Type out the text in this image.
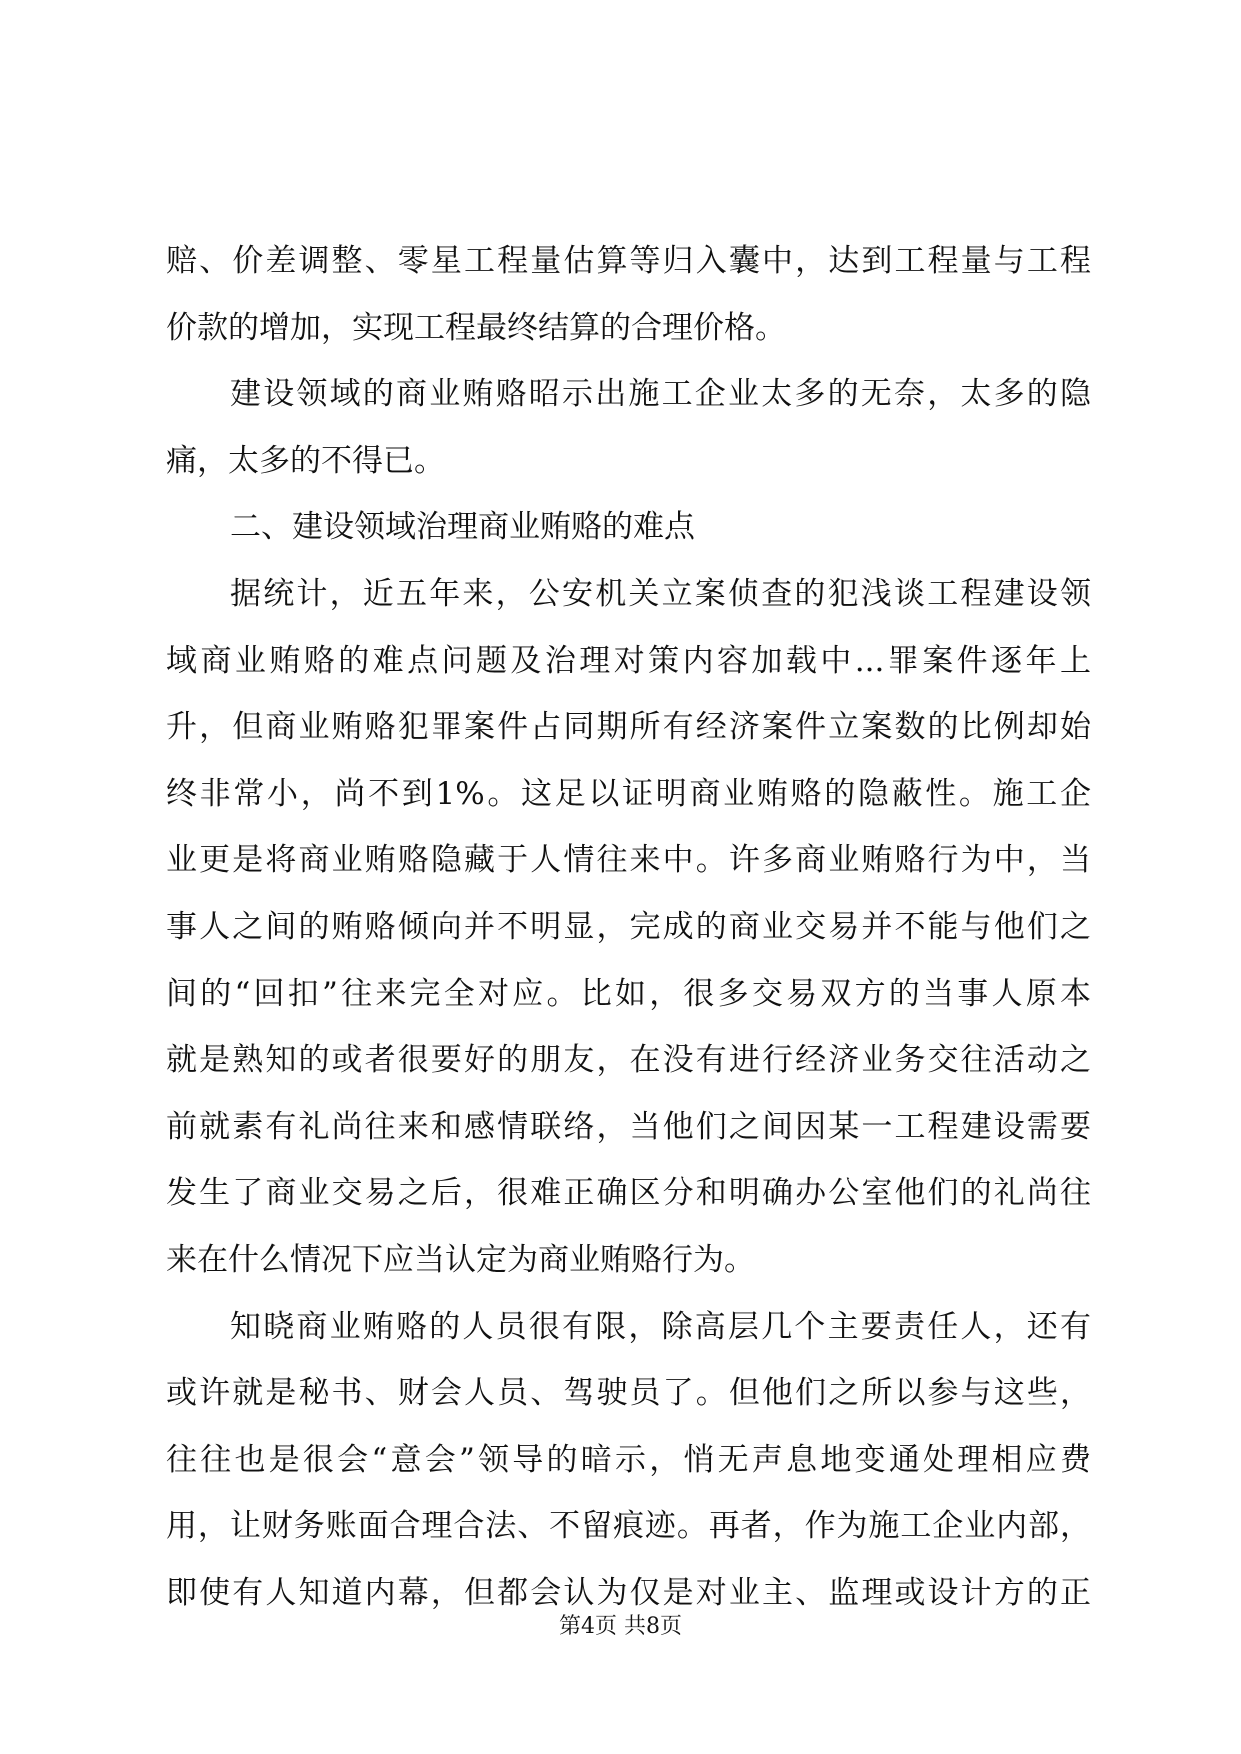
赔、价差调整、零星工程量估算等归入囊中，达到工程量与工程
价款的增加，实现工程最终结算的合理价格。
建设领域的商业贿赂昭示出施工企业太多的无奈，太多的隐
痛，太多的不得已。
二、建设领域治理商业贿赂的难点
据统计，近五年来，公安机关立案侦查的犯浅谈工程建设领
域商业贿赂的难点问题及治理对策内容加载中...罪案件逐年上
升，但商业贿赂犯罪案件占同期所有经济案件立案数的比例却始
终非常小，尚不到1%。这足以证明商业贿赂的隐蔽性。施工企
业更是将商业贿赂隐藏于人情往来中。许多商业贿赂行为中，当
事人之间的贿赂倾向并不明显，完成的商业交易并不能与他们之
间的“回扣”往来完全对应。比如，很多交易双方的当事人原本
就是熟知的或者很要好的朋友，在没有进行经济业务交往活动之
前就素有礼尚往来和感情联络，当他们之间因某一工程建设需要
发生了商业交易之后，很难正确区分和明确办公室他们的礼尚往
来在什么情况下应当认定为商业贿赂行为。
知晓商业贿赂的人员很有限，除高层几个主要责任人，还有
或许就是秘书、财会人员、驾驶员了。但他们之所以参与这些，
往往也是很会“意会”领导的暗示，悄无声息地变通处理相应费
用，让财务账面合理合法、不留痕迹。再者，作为施工企业内部，
即使有人知道内幕，但都会认为仅是对业主、监理或设计方的正
第4页 共8页
